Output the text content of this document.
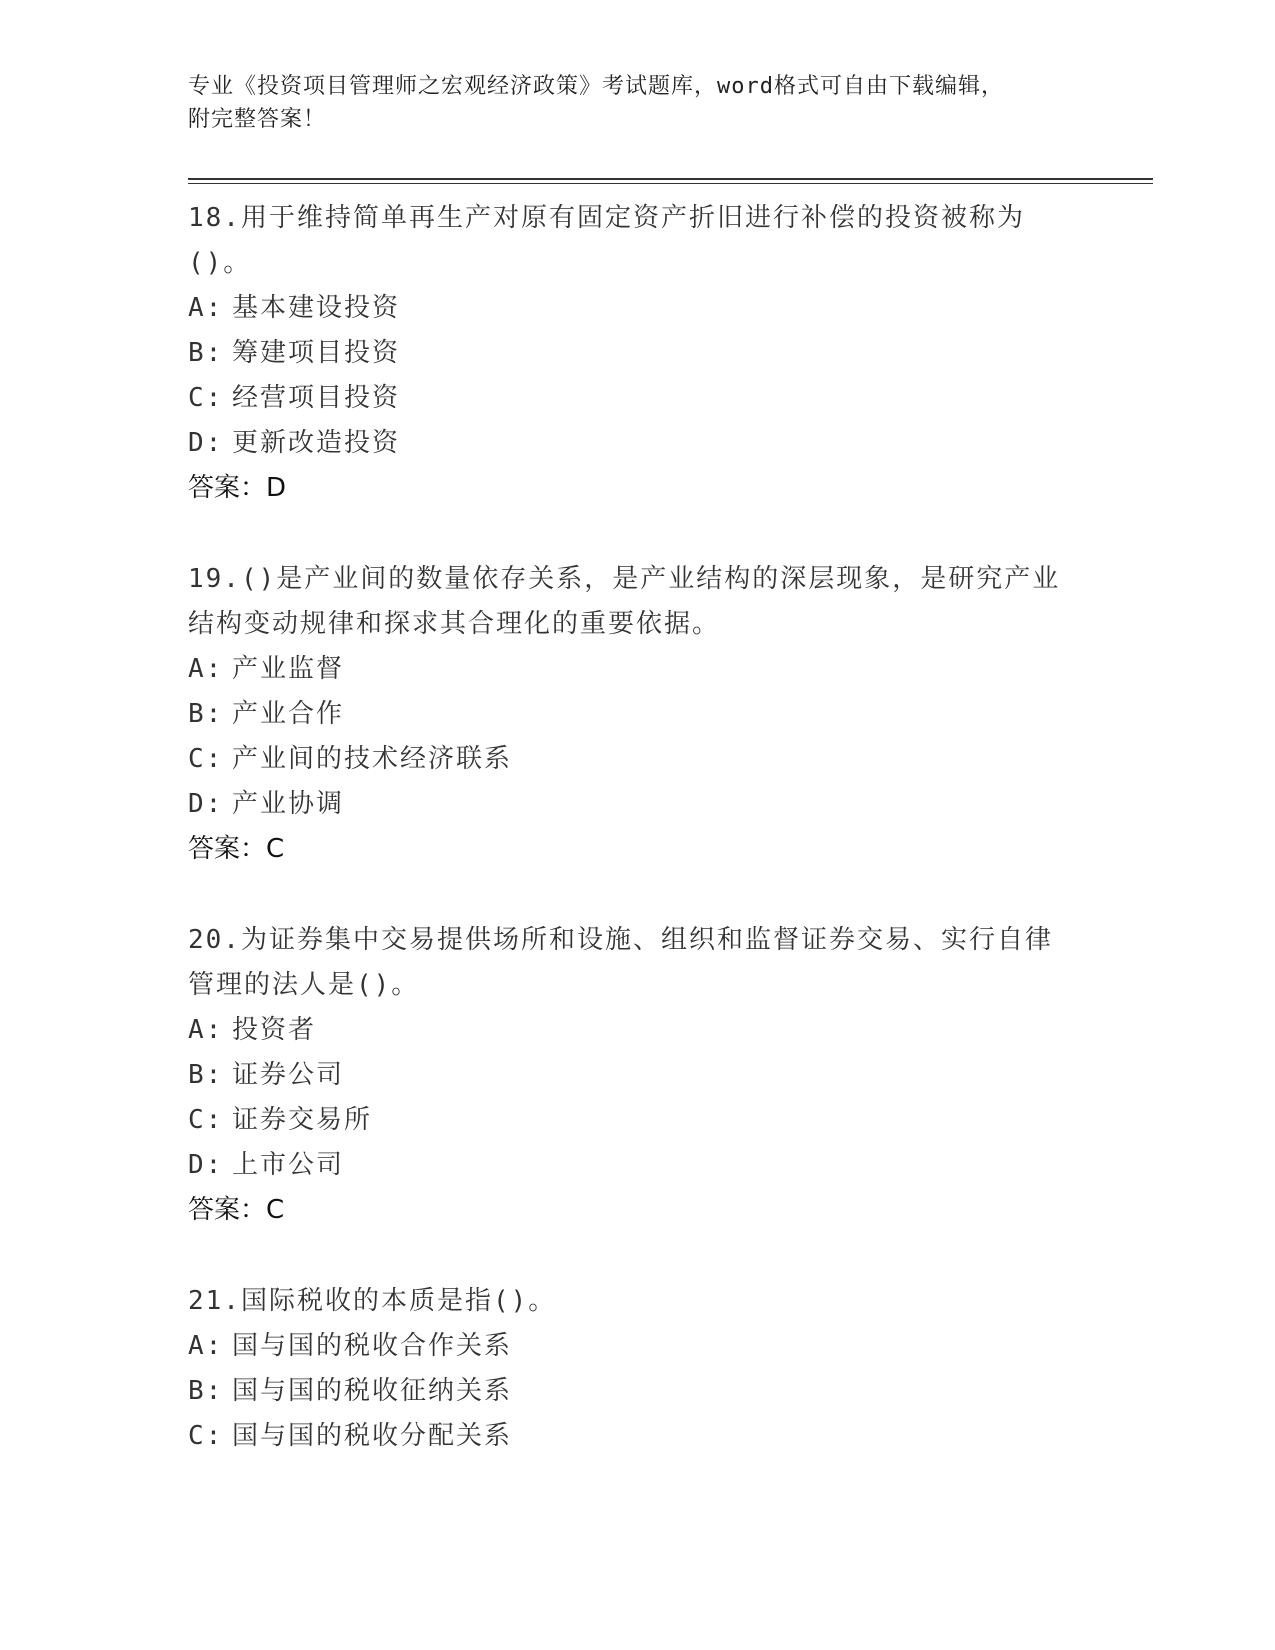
专业《投资项目管理师之宏观经济政策》考试题库，word格式可自由下载编辑，
附完整答案！
18.用于维持简单再生产对原有固定资产折旧进行补偿的投资被称为()。
A: 基本建设投资
B: 筹建项目投资
C: 经营项目投资
D: 更新改造投资
答案：D
19.()是产业间的数量依存关系，是产业结构的深层现象，是研究产业结构变动规律和探求其合理化的重要依据。
A: 产业监督
B: 产业合作
C: 产业间的技术经济联系
D: 产业协调
答案：C
20.为证券集中交易提供场所和设施、组织和监督证券交易、实行自律管理的法人是()。
A: 投资者
B: 证券公司
C: 证券交易所
D: 上市公司
答案：C
21.国际税收的本质是指()。
A: 国与国的税收合作关系
B: 国与国的税收征纳关系
C: 国与国的税收分配关系
